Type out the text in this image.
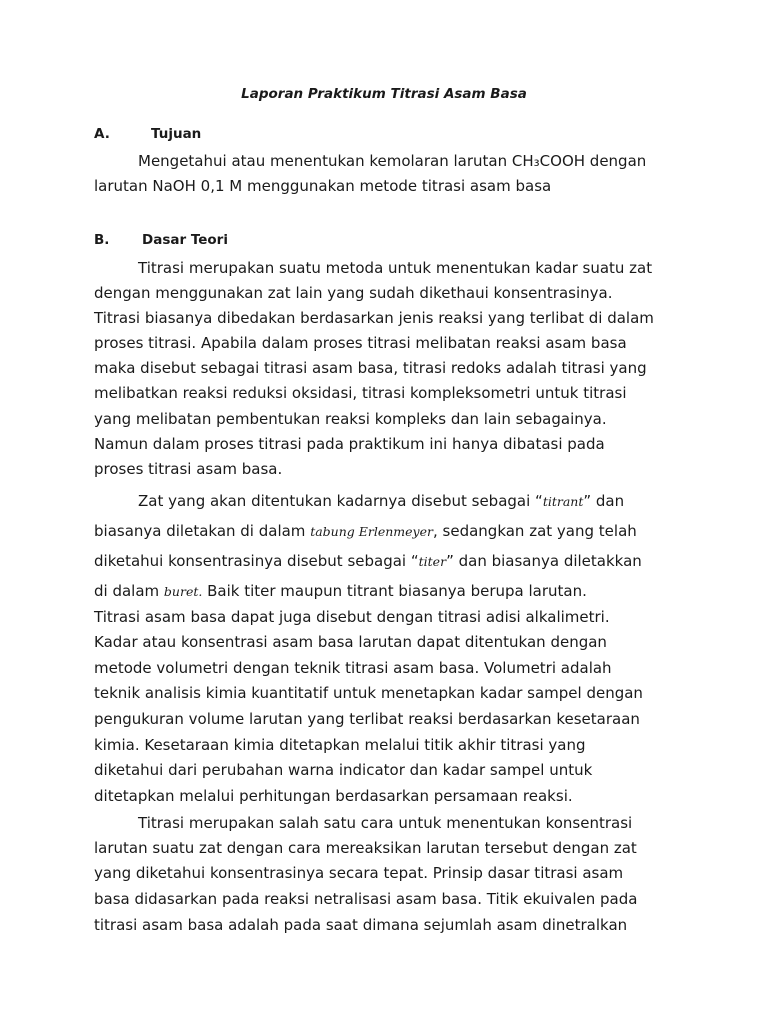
Laporan Praktikum Titrasi Asam Basa
A.	Tujuan
Mengetahui atau menentukan kemolaran larutan CH₃COOH dengan
larutan NaOH 0,1 M menggunakan metode titrasi asam basa
B. Dasar Teori
Titrasi merupakan suatu metoda untuk menentukan kadar suatu zat
dengan menggunakan zat lain yang sudah dikethaui konsentrasinya.
Titrasi biasanya dibedakan berdasarkan jenis reaksi yang terlibat di dalam
proses titrasi. Apabila dalam proses titrasi melibatan reaksi asam basa
maka disebut sebagai titrasi asam basa, titrasi redoks adalah titrasi yang
melibatkan reaksi reduksi oksidasi, titrasi kompleksometri untuk titrasi
yang melibatan pembentukan reaksi kompleks dan lain sebagainya.
Namun dalam proses titrasi pada praktikum ini hanya dibatasi pada
proses titrasi asam basa.
Zat yang akan ditentukan kadarnya disebut sebagai “titrant” dan
biasanya diletakan di dalam tabung Erlenmeyer, sedangkan zat yang telah
diketahui konsentrasinya disebut sebagai “titer” dan biasanya diletakkan
di dalam buret. Baik titer maupun titrant biasanya berupa larutan.
Titrasi asam basa dapat juga disebut dengan titrasi adisi alkalimetri.
Kadar atau konsentrasi asam basa larutan dapat ditentukan dengan
metode volumetri dengan teknik titrasi asam basa. Volumetri adalah
teknik analisis kimia kuantitatif untuk menetapkan kadar sampel dengan
pengukuran volume larutan yang terlibat reaksi berdasarkan kesetaraan
kimia. Kesetaraan kimia ditetapkan melalui titik akhir titrasi yang
diketahui dari perubahan warna indicator dan kadar sampel untuk
ditetapkan melalui perhitungan berdasarkan persamaan reaksi.
Titrasi merupakan salah satu cara untuk menentukan konsentrasi
larutan suatu zat dengan cara mereaksikan larutan tersebut dengan zat
yang diketahui konsentrasinya secara tepat. Prinsip dasar titrasi asam
basa didasarkan pada reaksi netralisasi asam basa. Titik ekuivalen pada
titrasi asam basa adalah pada saat dimana sejumlah asam dinetralkan
